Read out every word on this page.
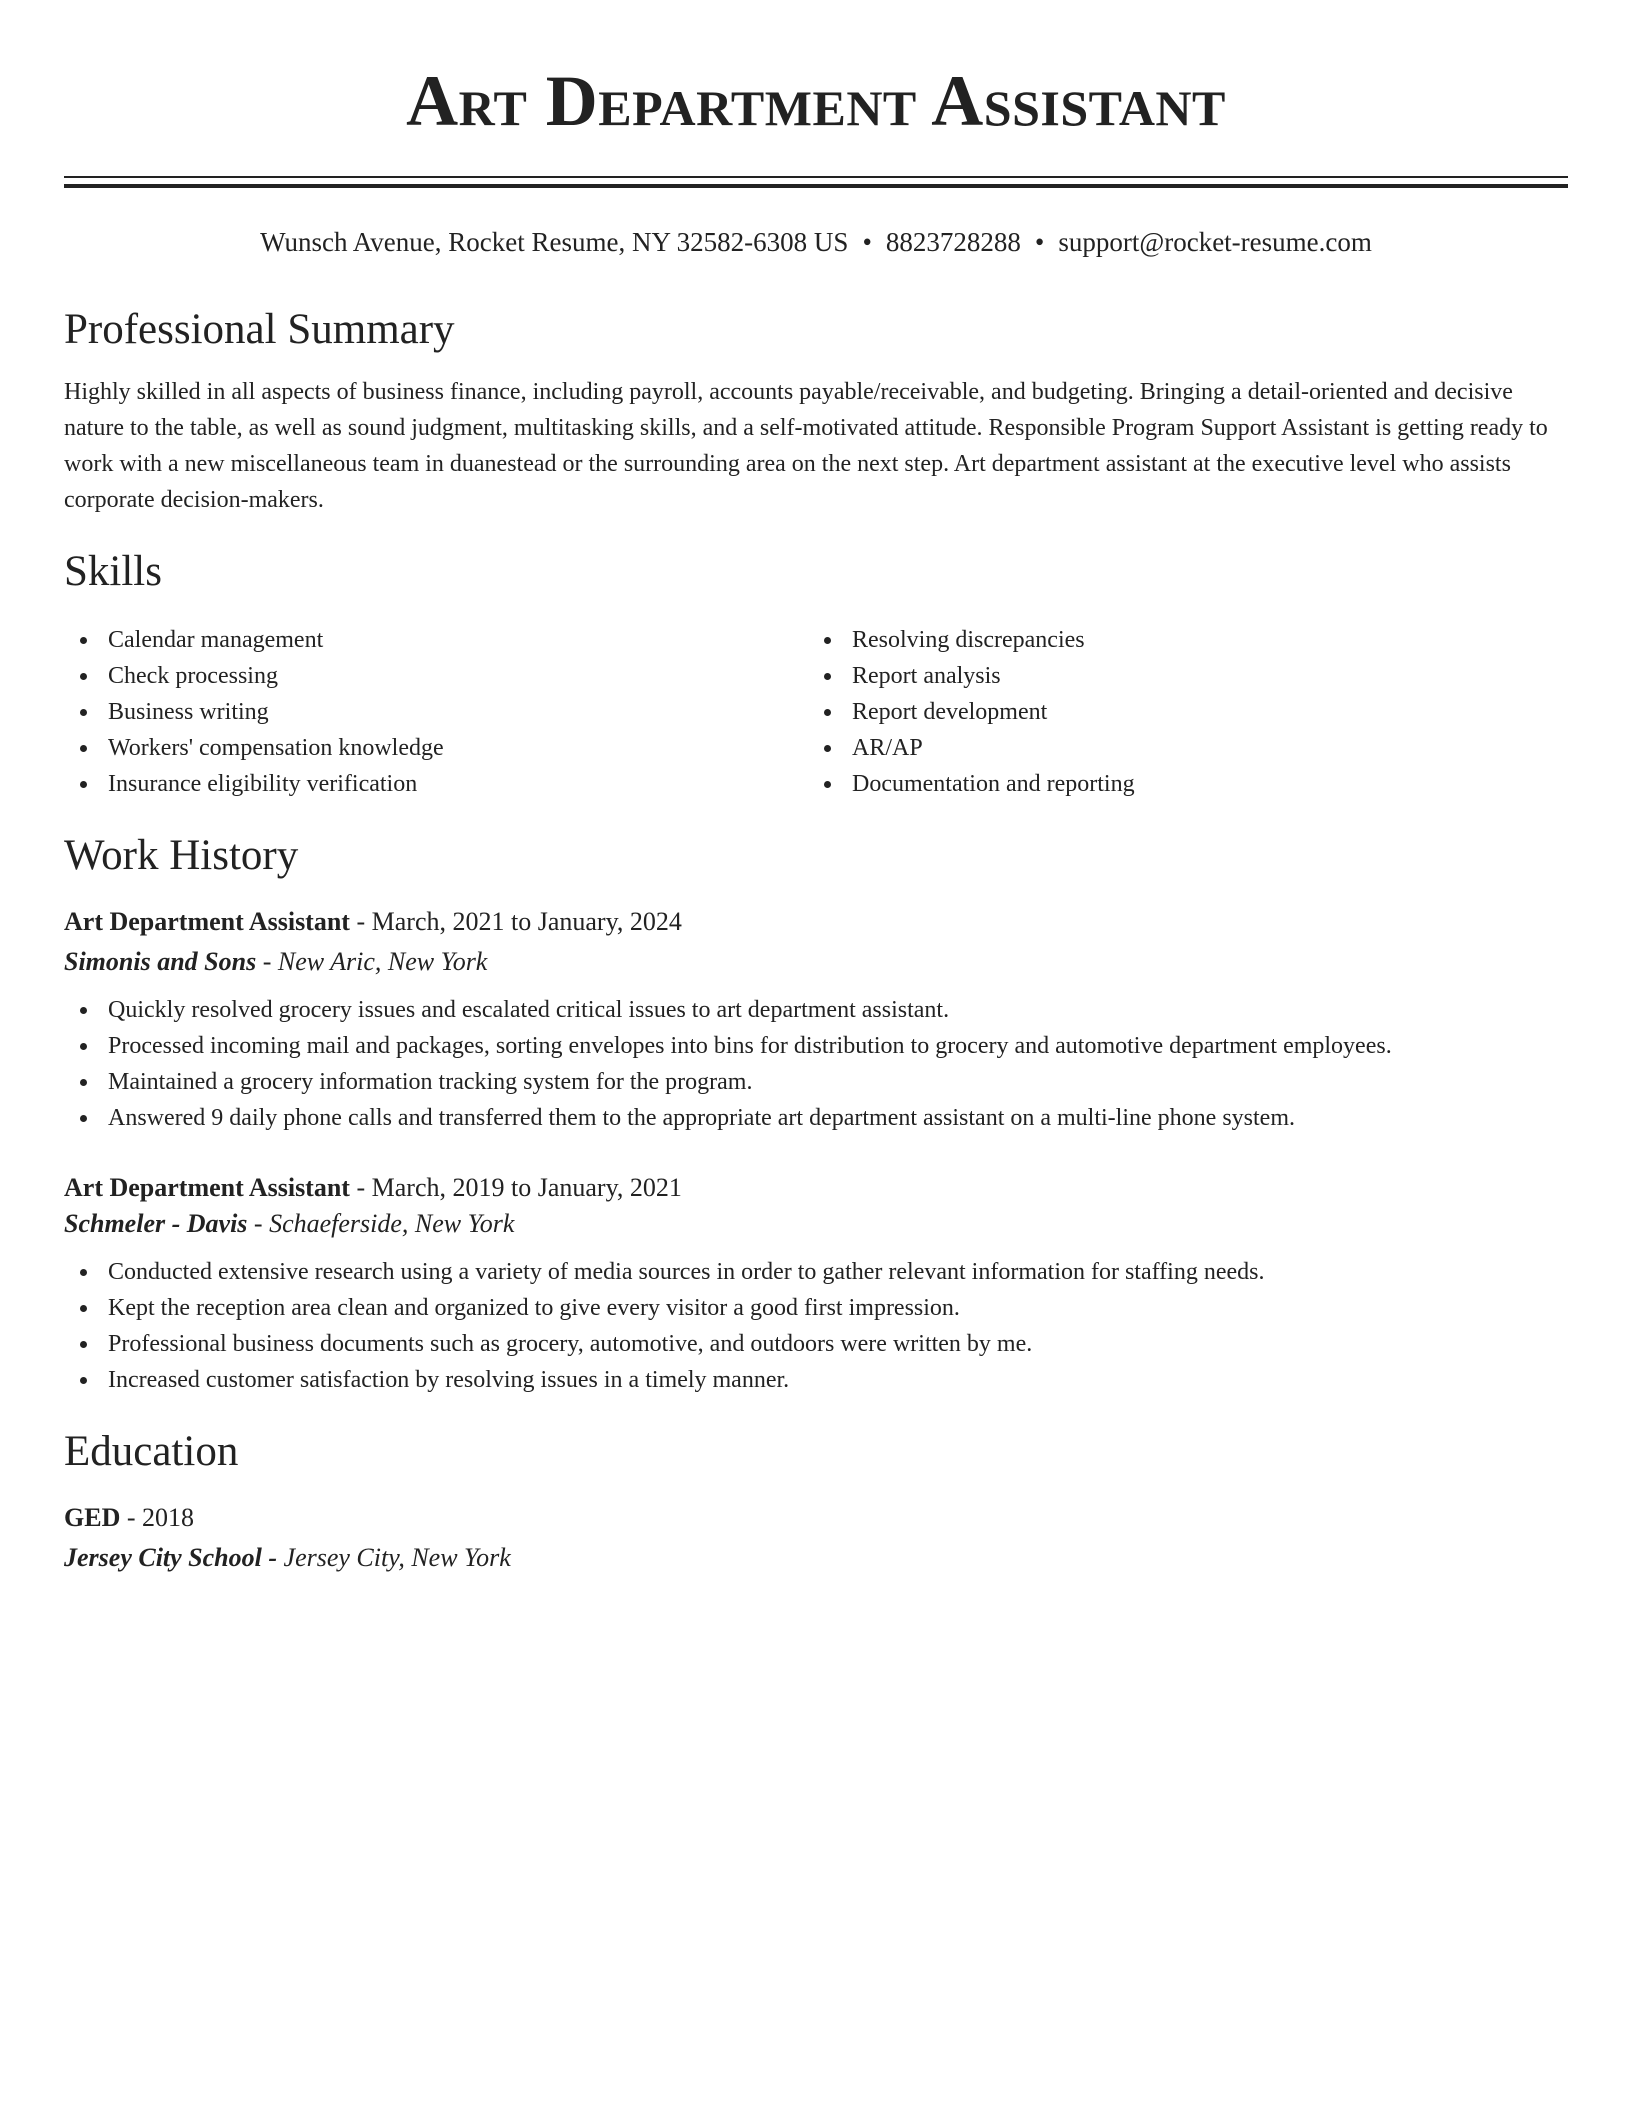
Art Department Assistant
Wunsch Avenue, Rocket Resume, NY 32582-6308 US • 8823728288 • support@rocket-resume.com
Professional Summary
Highly skilled in all aspects of business finance, including payroll, accounts payable/receivable, and budgeting. Bringing a detail-oriented and decisive nature to the table, as well as sound judgment, multitasking skills, and a self-motivated attitude. Responsible Program Support Assistant is getting ready to work with a new miscellaneous team in duanestead or the surrounding area on the next step. Art department assistant at the executive level who assists corporate decision-makers.
Skills
Calendar management
Check processing
Business writing
Workers' compensation knowledge
Insurance eligibility verification
Resolving discrepancies
Report analysis
Report development
AR/AP
Documentation and reporting
Work History
Art Department Assistant - March, 2021 to January, 2024
Simonis and Sons - New Aric, New York
Quickly resolved grocery issues and escalated critical issues to art department assistant.
Processed incoming mail and packages, sorting envelopes into bins for distribution to grocery and automotive department employees.
Maintained a grocery information tracking system for the program.
Answered 9 daily phone calls and transferred them to the appropriate art department assistant on a multi-line phone system.
Art Department Assistant - March, 2019 to January, 2021
Schmeler - Davis - Schaeferside, New York
Conducted extensive research using a variety of media sources in order to gather relevant information for staffing needs.
Kept the reception area clean and organized to give every visitor a good first impression.
Professional business documents such as grocery, automotive, and outdoors were written by me.
Increased customer satisfaction by resolving issues in a timely manner.
Education
GED - 2018
Jersey City School - Jersey City, New York
